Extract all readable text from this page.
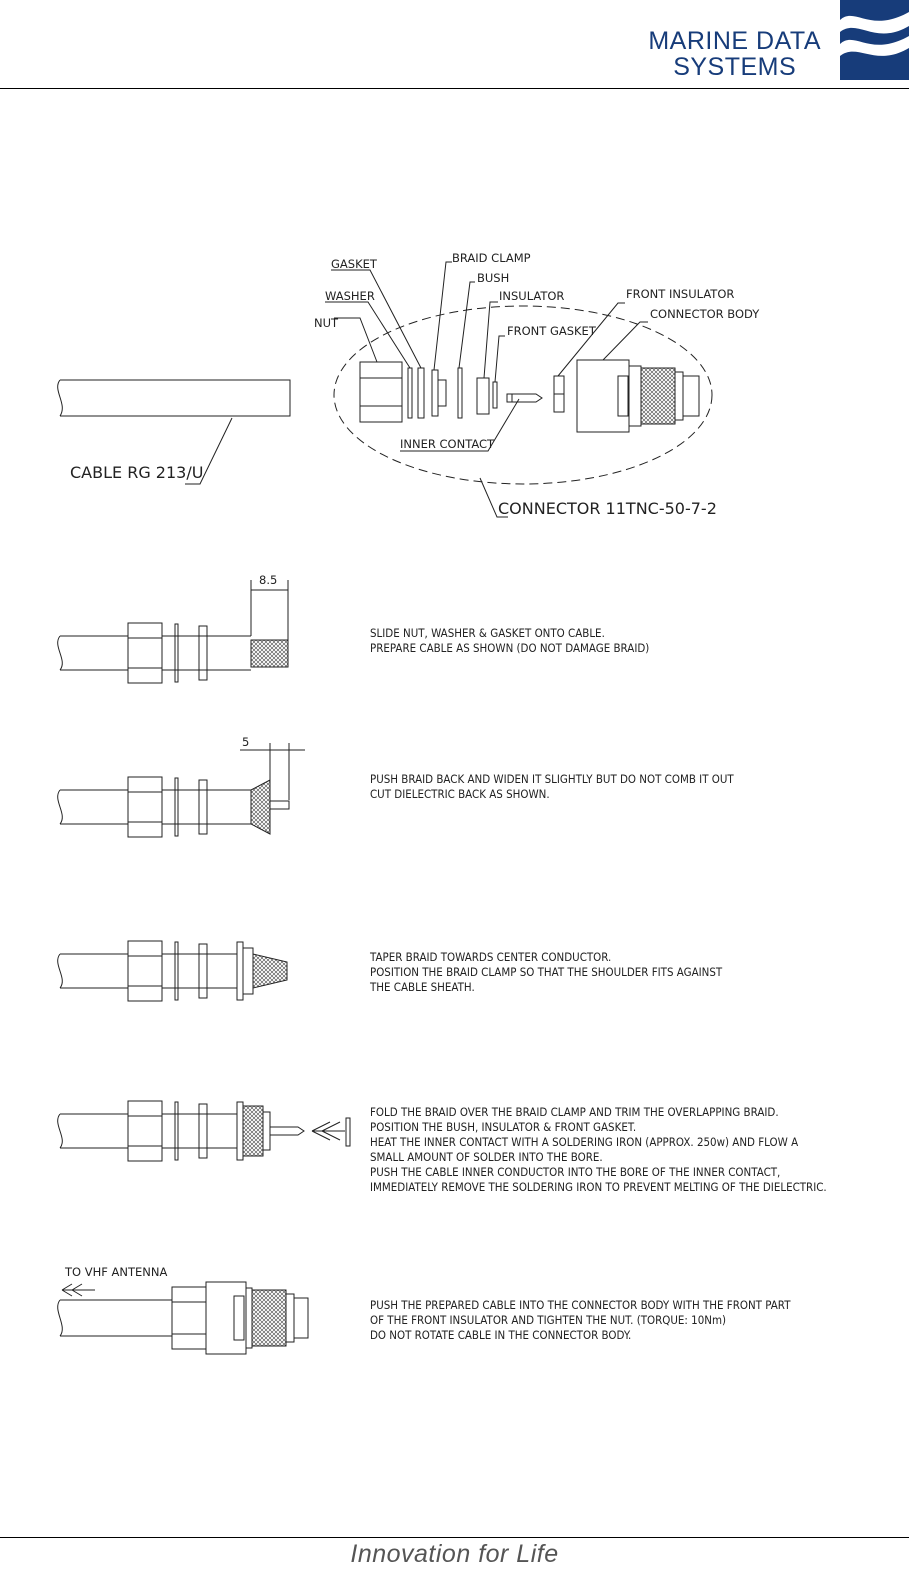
MARINE DATA
SYSTEMS
CABLE RG 213/U
CONNECTOR 11TNC-50-7-2
GASKET
WASHER
NUT
BRAID CLAMP
BUSH
INSULATOR
FRONT GASKET
INNER CONTACT
FRONT INSULATOR
CONNECTOR BODY
8.5
5
TO VHF ANTENNA
SLIDE NUT, WASHER & GASKET ONTO CABLE.
PREPARE CABLE AS SHOWN (DO NOT DAMAGE BRAID)
PUSH BRAID BACK AND WIDEN IT SLIGHTLY BUT DO NOT COMB IT OUT
CUT DIELECTRIC BACK AS SHOWN.
TAPER BRAID TOWARDS CENTER CONDUCTOR.
POSITION THE BRAID CLAMP SO THAT THE SHOULDER FITS AGAINST
THE CABLE SHEATH.
FOLD THE BRAID OVER THE BRAID CLAMP AND TRIM THE OVERLAPPING BRAID.
POSITION THE BUSH, INSULATOR & FRONT GASKET.
HEAT THE INNER CONTACT WITH A SOLDERING IRON (APPROX. 250w) AND FLOW A
SMALL AMOUNT OF SOLDER INTO THE BORE.
PUSH THE CABLE INNER CONDUCTOR INTO THE BORE OF THE INNER CONTACT,
IMMEDIATELY REMOVE THE SOLDERING IRON TO PREVENT MELTING OF THE DIELECTRIC.
PUSH THE PREPARED CABLE INTO THE CONNECTOR BODY WITH THE FRONT PART
OF THE FRONT INSULATOR AND TIGHTEN THE NUT. (TORQUE: 10Nm)
DO NOT ROTATE CABLE IN THE CONNECTOR BODY.
Innovation for Life
